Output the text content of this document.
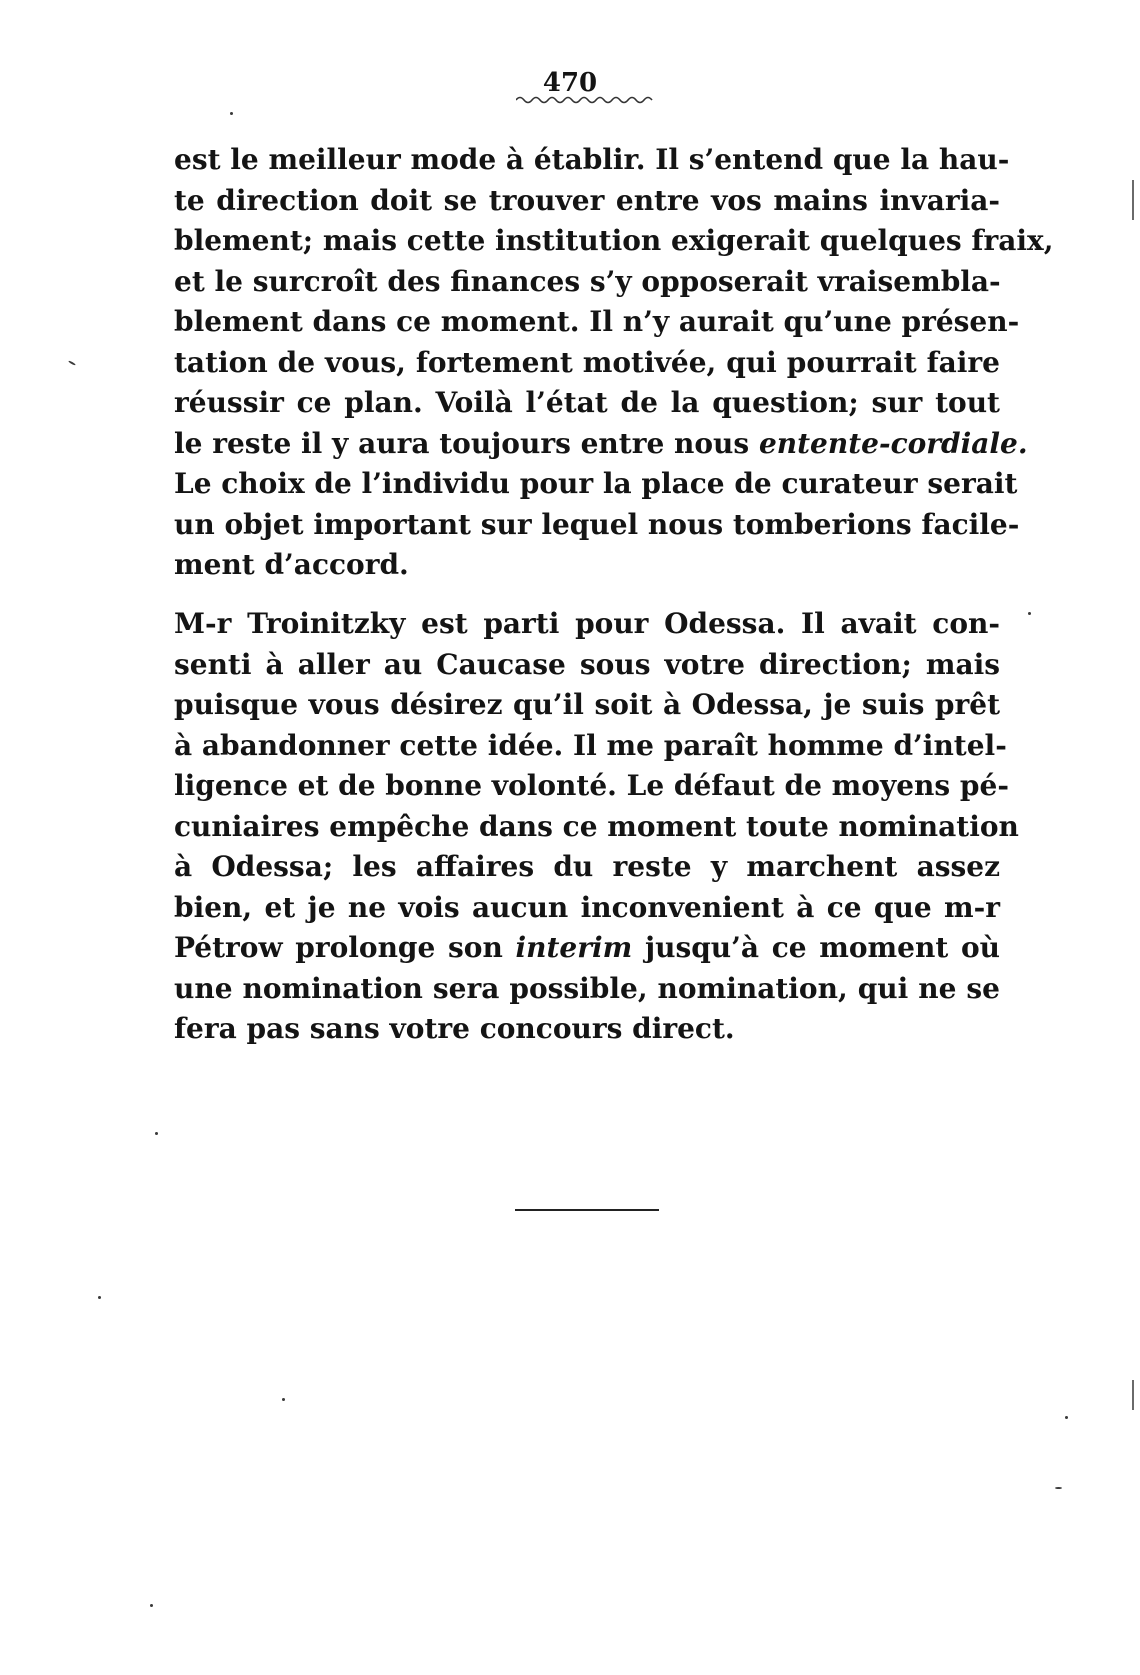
470
est le meilleur mode à établir. Il s’entend que la hau-
te direction doit se trouver entre vos mains invaria-
blement; mais cette institution exigerait quelques fraix,
et le surcroît des finances s’y opposerait vraisembla-
blement dans ce moment. Il n’y aurait qu’une présen-
tation de vous, fortement motivée, qui pourrait faire
réussir ce plan. Voilà l’état de la question; sur tout
le reste il y aura toujours entre nous entente-cordiale.
Le choix de l’individu pour la place de curateur serait
un objet important sur lequel nous tomberions facile-
ment d’accord.
M-r Troinitzky est parti pour Odessa. Il avait con-
senti à aller au Caucase sous votre direction; mais
puisque vous désirez qu’il soit à Odessa, je suis prêt
à abandonner cette idée. Il me paraît homme d’intel-
ligence et de bonne volonté. Le défaut de moyens pé-
cuniaires empêche dans ce moment toute nomination
à Odessa; les affaires du reste y marchent assez
bien, et je ne vois aucun inconvenient à ce que m-r
Pétrow prolonge son interim jusqu’à ce moment où
une nomination sera possible, nomination, qui ne se
fera pas sans votre concours direct.
